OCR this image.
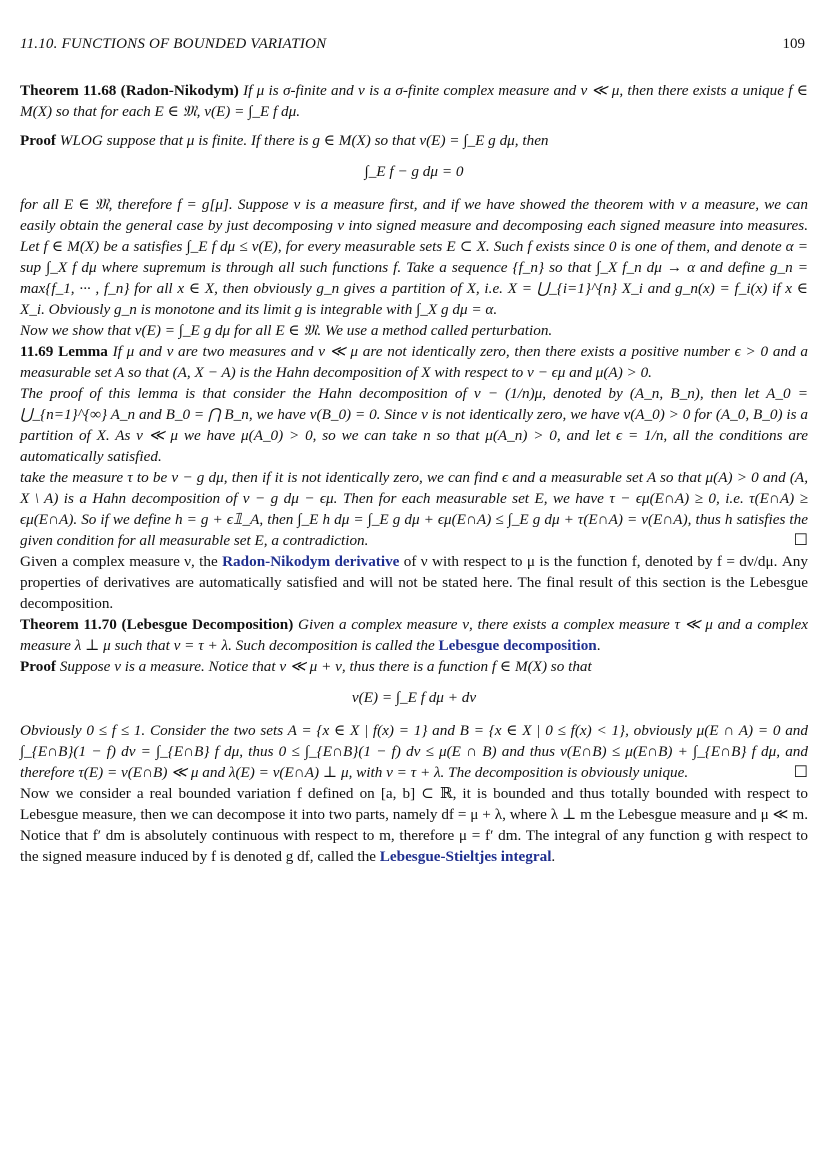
11.10. FUNCTIONS OF BOUNDED VARIATION	109

Theorem 11.68 (Radon-Nikodym) If μ is σ-finite and ν is a σ-finite complex measure and ν ≪ μ, then there exists a unique f ∈ M(X) so that for each E ∈ 𝔐, ν(E) = ∫_E f dμ.

Proof WLOG suppose that μ is finite. If there is g ∈ M(X) so that ν(E) = ∫_E g dμ, then

∫_E f − g dμ = 0

for all E ∈ 𝔐, therefore f = g[μ]. Suppose ν is a measure first, and if we have showed the theorem with ν a measure, we can easily obtain the general case by just decomposing ν into signed measure and decomposing each signed measure into measures. Let f ∈ M(X) be a satisfies ∫_E f dμ ≤ ν(E), for every measurable sets E ⊂ X. Such f exists since 0 is one of them, and denote α = sup ∫_X f dμ where supremum is through all such functions f. Take a sequence {f_n} so that ∫_X f_n dμ → α and define g_n = max{f_1, ··· , f_n} for all x ∈ X, then obviously g_n gives a partition of X, i.e. X = ⋃_{i=1}^{n} X_i and g_n(x) = f_i(x) if x ∈ X_i. Obviously g_n is monotone and its limit g is integrable with ∫_X g dμ = α.

Now we show that ν(E) = ∫_E g dμ for all E ∈ 𝔐. We use a method called perturbation.

11.69 Lemma If μ and ν are two measures and ν ≪ μ are not identically zero, then there exists a positive number ϵ > 0 and a measurable set A so that (A, X − A) is the Hahn decomposition of X with respect to ν − ϵμ and μ(A) > 0.

The proof of this lemma is that consider the Hahn decomposition of ν − (1/n)μ, denoted by (A_n, B_n), then let A_0 = ⋃_{n=1}^{∞} A_n and B_0 = ⋂ B_n, we have ν(B_0) = 0. Since ν is not identically zero, we have ν(A_0) > 0 for (A_0, B_0) is a partition of X. As ν ≪ μ we have μ(A_0) > 0, so we can take n so that μ(A_n) > 0, and let ϵ = 1/n, all the conditions are automatically satisfied.

take the measure τ to be ν − g dμ, then if it is not identically zero, we can find ϵ and a measurable set A so that μ(A) > 0 and (A, X \ A) is a Hahn decomposition of ν − g dμ − ϵμ. Then for each measurable set E, we have τ − ϵμ(E∩A) ≥ 0, i.e. τ(E∩A) ≥ ϵμ(E∩A). So if we define h = g + ϵ𝟙_A, then ∫_E h dμ = ∫_E g dμ + ϵμ(E∩A) ≤ ∫_E g dμ + τ(E∩A) = ν(E∩A), thus h satisfies the given condition for all measurable set E, a contradiction.	☐

Given a complex measure ν, the Radon-Nikodym derivative of ν with respect to μ is the function f, denoted by f = dν/dμ. Any properties of derivatives are automatically satisfied and will not be stated here. The final result of this section is the Lebesgue decomposition.

Theorem 11.70 (Lebesgue Decomposition) Given a complex measure ν, there exists a complex measure τ ≪ μ and a complex measure λ ⊥ μ such that ν = τ + λ. Such decomposition is called the Lebesgue decomposition.

Proof Suppose ν is a measure. Notice that ν ≪ μ + ν, thus there is a function f ∈ M(X) so that

ν(E) = ∫_E f dμ + dν

Obviously 0 ≤ f ≤ 1. Consider the two sets A = {x ∈ X | f(x) = 1} and B = {x ∈ X | 0 ≤ f(x) < 1}, obviously μ(E ∩ A) = 0 and ∫_{E∩B}(1 − f) dν = ∫_{E∩B} f dμ, thus 0 ≤ ∫_{E∩B}(1 − f) dν ≤ μ(E ∩ B) and thus ν(E∩B) ≤ μ(E∩B) + ∫_{E∩B} f dμ, and therefore τ(E) = ν(E∩B) ≪ μ and λ(E) = ν(E∩A) ⊥ μ, with ν = τ + λ. The decomposition is obviously unique.	☐

Now we consider a real bounded variation f defined on [a, b] ⊂ ℝ, it is bounded and thus totally bounded with respect to Lebesgue measure, then we can decompose it into two parts, namely df = μ + λ, where λ ⊥ m the Lebesgue measure and μ ≪ m. Notice that f′ dm is absolutely continuous with respect to m, therefore μ = f′ dm. The integral of any function g with respect to the signed measure induced by f is denoted g df, called the Lebesgue-Stieltjes integral.
